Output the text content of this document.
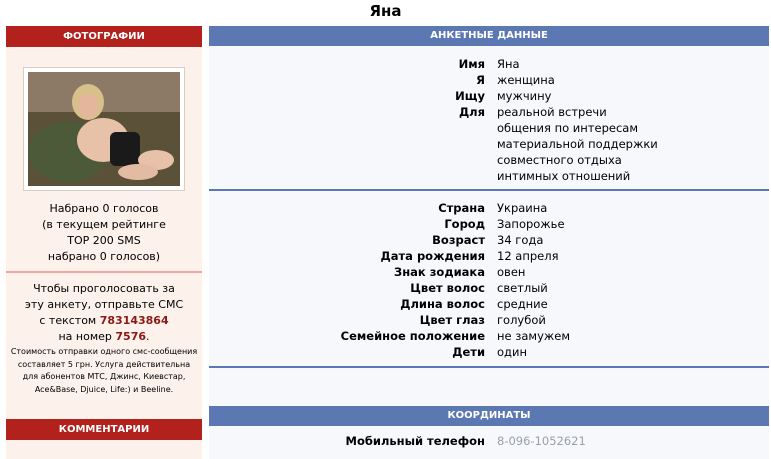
Яна
ФОТОГРАФИИ
Набрано 0 голосов
(в текущем рейтинге
TOP 200 SMS
набрано 0 голосов)
Чтобы проголосовать за
эту анкету, отправьте СМС
с текстом 783143864
на номер 7576.
Стоимость отправки одного смс-сообщения составляет 5 грн. Услуга действительна для абонентов МТС, Джинс, Киевстар, Ace&Base, Djuice, Life:) и Beeline.
КОММЕНТАРИИ
АНКЕТНЫЕ ДАННЫЕ
Имя Яна
Я женщина
Ищу мужчину
Для реальной встречи
общения по интересам
материальной поддержки
совместного отдыха
интимных отношений
Страна Украина
Город Запорожье
Возраст 34 года
Дата рождения 12 апреля
Знак зодиака овен
Цвет волос светлый
Длина волос средние
Цвет глаз голубой
Семейное положение не замужем
Дети один
КООРДИНАТЫ
Мобильный телефон 8-096-1052621
